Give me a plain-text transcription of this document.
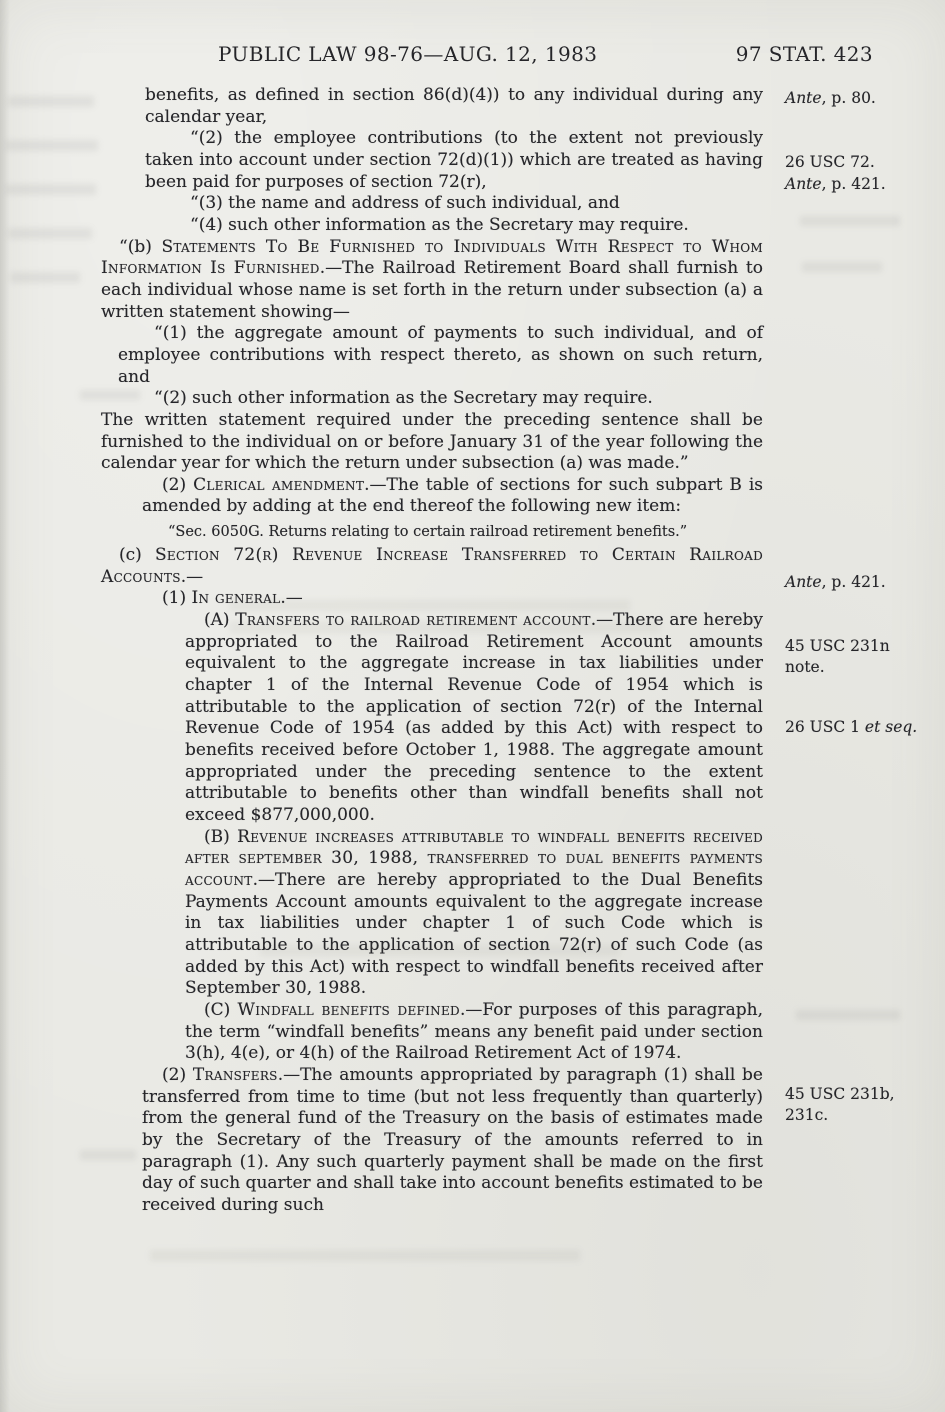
PUBLIC LAW 98-76—AUG. 12, 1983	97 STAT. 423

benefits, as defined in section 86(d)(4)) to any individual during any calendar year,

“(2) the employee contributions (to the extent not previously taken into account under section 72(d)(1)) which are treated as having been paid for purposes of section 72(r),

“(3) the name and address of such individual, and

“(4) such other information as the Secretary may require.

“(b) Statements To Be Furnished to Individuals With Respect to Whom Information Is Furnished.—The Railroad Retirement Board shall furnish to each individual whose name is set forth in the return under subsection (a) a written statement showing—

“(1) the aggregate amount of payments to such individual, and of employee contributions with respect thereto, as shown on such return, and

“(2) such other information as the Secretary may require.

The written statement required under the preceding sentence shall be furnished to the individual on or before January 31 of the year following the calendar year for which the return under subsection (a) was made.”

(2) Clerical amendment.—The table of sections for such subpart B is amended by adding at the end thereof the following new item:

“Sec. 6050G. Returns relating to certain railroad retirement benefits.”

(c) Section 72(r) Revenue Increase Transferred to Certain Railroad Accounts.—

(1) In general.—

(A) Transfers to railroad retirement account.—There are hereby appropriated to the Railroad Retirement Account amounts equivalent to the aggregate increase in tax liabilities under chapter 1 of the Internal Revenue Code of 1954 which is attributable to the application of section 72(r) of the Internal Revenue Code of 1954 (as added by this Act) with respect to benefits received before October 1, 1988. The aggregate amount appropriated under the preceding sentence to the extent attributable to benefits other than windfall benefits shall not exceed $877,000,000.

(B) Revenue increases attributable to windfall benefits received after september 30, 1988, transferred to dual benefits payments account.—There are hereby appropriated to the Dual Benefits Payments Account amounts equivalent to the aggregate increase in tax liabilities under chapter 1 of such Code which is attributable to the application of section 72(r) of such Code (as added by this Act) with respect to windfall benefits received after September 30, 1988.

(C) Windfall benefits defined.—For purposes of this paragraph, the term “windfall benefits” means any benefit paid under section 3(h), 4(e), or 4(h) of the Railroad Retirement Act of 1974.

(2) Transfers.—The amounts appropriated by paragraph (1) shall be transferred from time to time (but not less frequently than quarterly) from the general fund of the Treasury on the basis of estimates made by the Secretary of the Treasury of the amounts referred to in paragraph (1). Any such quarterly payment shall be made on the first day of such quarter and shall take into account benefits estimated to be received during such

Ante, p. 80.
26 USC 72.
Ante, p. 421.
Ante, p. 421.
45 USC 231n
note.
26 USC 1 et seq.
45 USC 231b,
231c.
